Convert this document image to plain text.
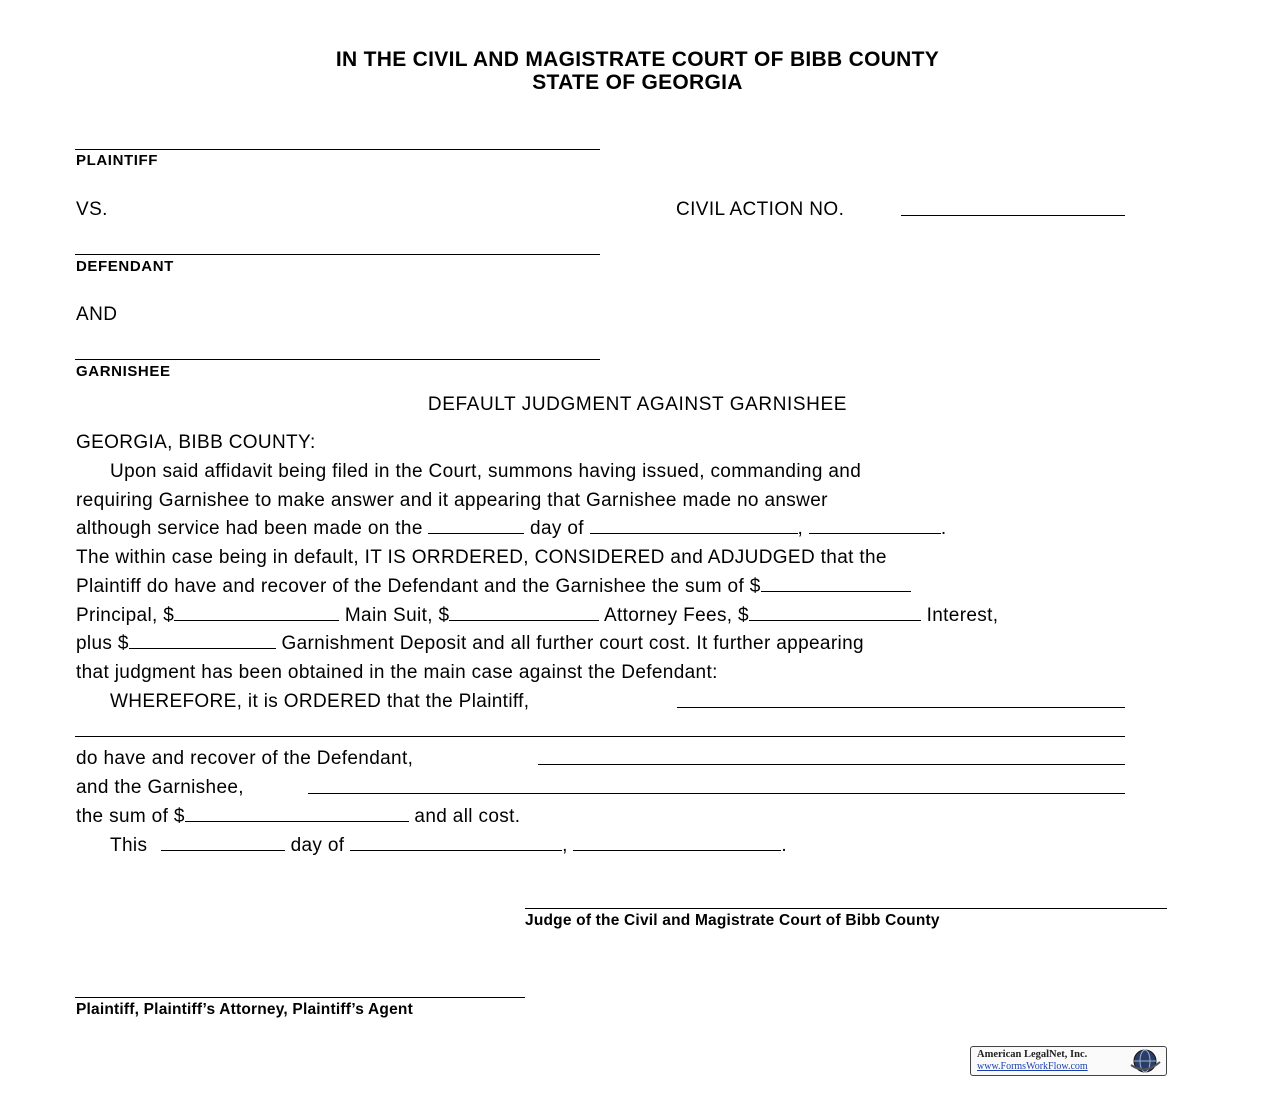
IN THE CIVIL AND MAGISTRATE COURT OF BIBB COUNTY
STATE OF GEORGIA
PLAINTIFF
VS.	CIVIL ACTION NO.
DEFENDANT
AND
GARNISHEE
DEFAULT JUDGMENT AGAINST GARNISHEE
GEORGIA, BIBB COUNTY:
Upon said affidavit being filed in the Court, summons having issued, commanding and
requiring Garnishee to make answer and it appearing that Garnishee made no answer
although service had been made on the	day of	,	.
The within case being in default, IT IS ORRDERED, CONSIDERED and ADJUDGED that the
Plaintiff do have and recover of the Defendant and the Garnishee the sum of $
Principal, $	Main Suit, $	Attorney Fees, $	Interest,
plus $	Garnishment Deposit and all further court cost. It further appearing
that judgment has been obtained in the main case against the Defendant:
WHEREFORE, it is ORDERED that the Plaintiff,
do have and recover of the Defendant,
and the Garnishee,
the sum of $	and all cost.
This	day of	,	.
Judge of the Civil and Magistrate Court of Bibb County
Plaintiff, Plaintiff’s Attorney, Plaintiff’s Agent
American LegalNet, Inc.
www.FormsWorkFlow.com
